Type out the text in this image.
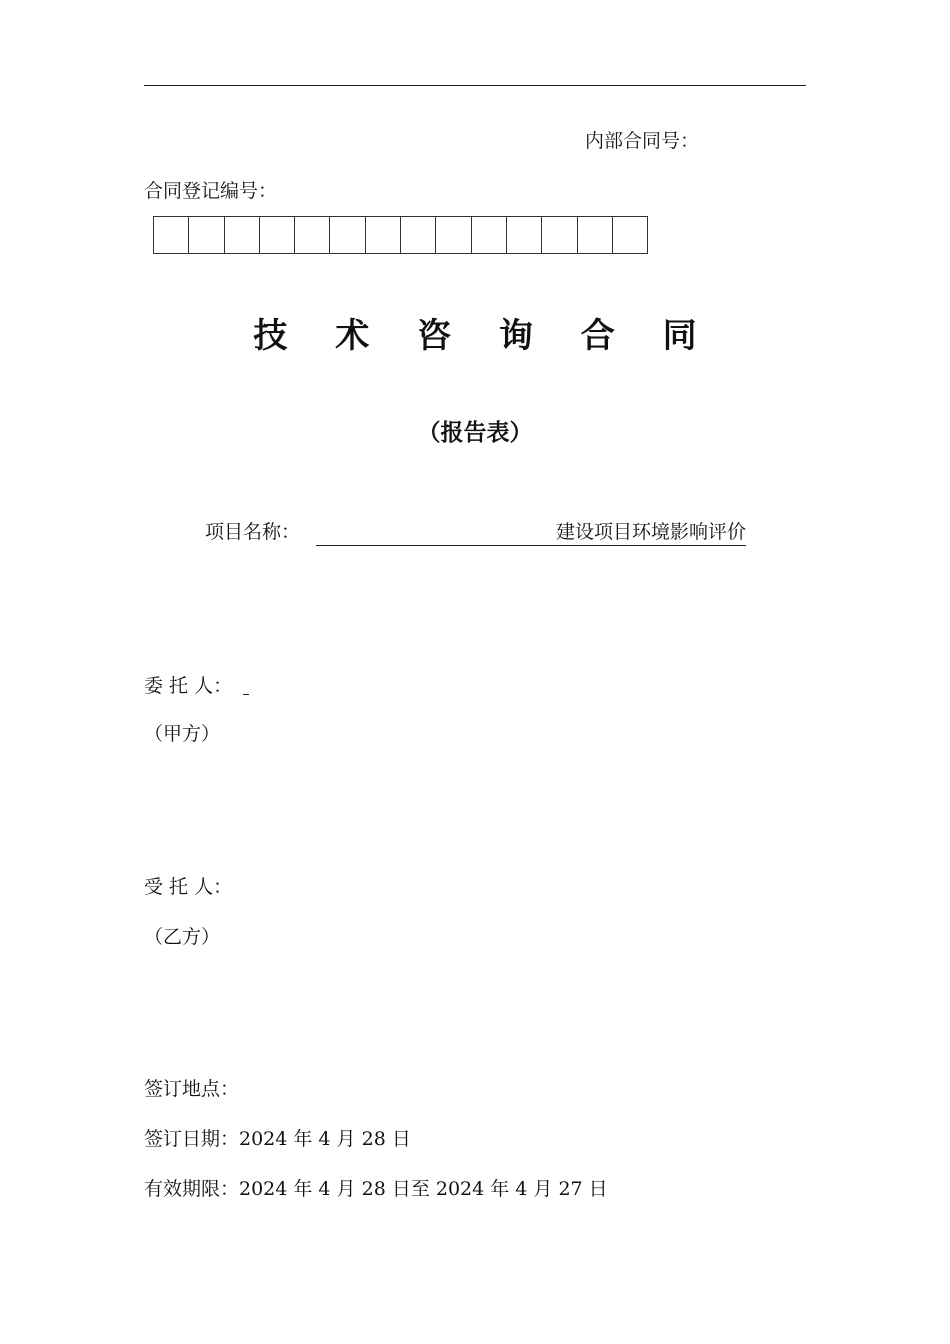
内部合同号：
合同登记编号：
技 术 咨 询 合 同
（报告表）
项目名称：	建设项目环境影响评价
委 托 人：
（甲方）
受 托 人：
（乙方）
签订地点：
签订日期：2024 年 4 月 28 日
有效期限：2024 年 4 月 28 日至 2024 年 4 月 27 日
